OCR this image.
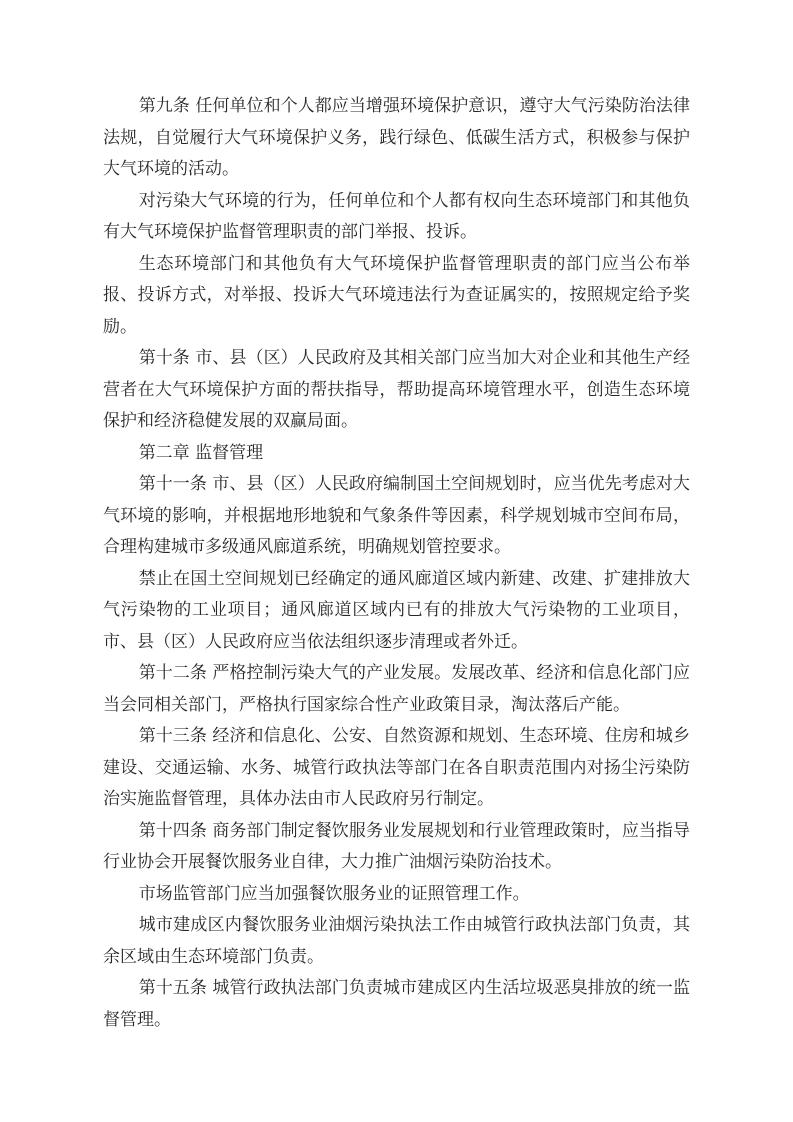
第九条 任何单位和个人都应当增强环境保护意识，遵守大气污染防治法律法规，自觉履行大气环境保护义务，践行绿色、低碳生活方式，积极参与保护大气环境的活动。

对污染大气环境的行为，任何单位和个人都有权向生态环境部门和其他负有大气环境保护监督管理职责的部门举报、投诉。

生态环境部门和其他负有大气环境保护监督管理职责的部门应当公布举报、投诉方式，对举报、投诉大气环境违法行为查证属实的，按照规定给予奖励。

第十条 市、县（区）人民政府及其相关部门应当加大对企业和其他生产经营者在大气环境保护方面的帮扶指导，帮助提高环境管理水平，创造生态环境保护和经济稳健发展的双赢局面。

第二章 监督管理

第十一条 市、县（区）人民政府编制国土空间规划时，应当优先考虑对大气环境的影响，并根据地形地貌和气象条件等因素，科学规划城市空间布局，合理构建城市多级通风廊道系统，明确规划管控要求。

禁止在国土空间规划已经确定的通风廊道区域内新建、改建、扩建排放大气污染物的工业项目；通风廊道区域内已有的排放大气污染物的工业项目，市、县（区）人民政府应当依法组织逐步清理或者外迁。

第十二条 严格控制污染大气的产业发展。发展改革、经济和信息化部门应当会同相关部门，严格执行国家综合性产业政策目录，淘汰落后产能。

第十三条 经济和信息化、公安、自然资源和规划、生态环境、住房和城乡建设、交通运输、水务、城管行政执法等部门在各自职责范围内对扬尘污染防治实施监督管理，具体办法由市人民政府另行制定。

第十四条 商务部门制定餐饮服务业发展规划和行业管理政策时，应当指导行业协会开展餐饮服务业自律，大力推广油烟污染防治技术。

市场监管部门应当加强餐饮服务业的证照管理工作。

城市建成区内餐饮服务业油烟污染执法工作由城管行政执法部门负责，其余区域由生态环境部门负责。

第十五条 城管行政执法部门负责城市建成区内生活垃圾恶臭排放的统一监督管理。
